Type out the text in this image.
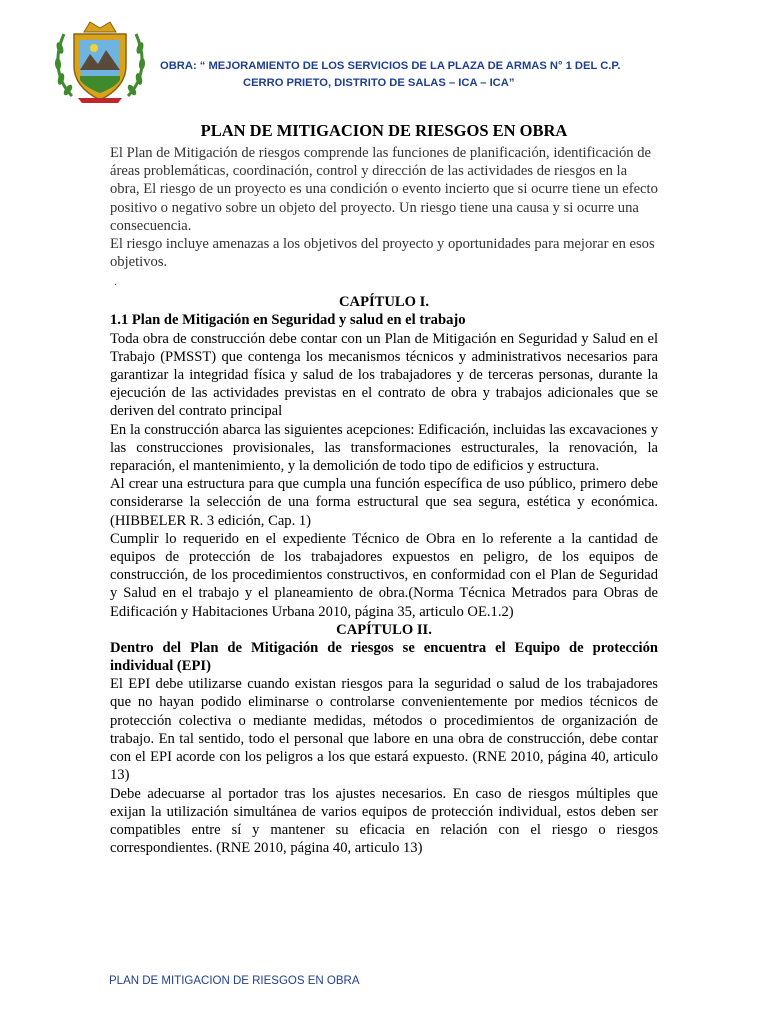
OBRA: “ MEJORAMIENTO DE LOS SERVICIOS DE LA PLAZA DE ARMAS N° 1 DEL C.P.
CERRO PRIETO, DISTRITO DE SALAS – ICA – ICA”
PLAN DE MITIGACION DE RIESGOS EN OBRA

El Plan de Mitigación de riesgos comprende las funciones de planificación, identificación de áreas problemáticas, coordinación, control y dirección de las actividades de riesgos en la obra, El riesgo de un proyecto es una condición o evento incierto que si ocurre tiene un efecto positivo o negativo sobre un objeto del proyecto. Un riesgo tiene una causa y si ocurre una consecuencia.

El riesgo incluye amenazas a los objetivos del proyecto y oportunidades para mejorar en esos objetivos.

.
CAPÍTULO I.
1.1 Plan de Mitigación en Seguridad y salud en el trabajo

Toda obra de construcción debe contar con un Plan de Mitigación en Seguridad y Salud en el Trabajo (PMSST) que contenga los mecanismos técnicos y administrativos necesarios para garantizar la integridad física y salud de los trabajadores y de terceras personas, durante la ejecución de las actividades previstas en el contrato de obra y trabajos adicionales que se deriven del contrato principal

En la construcción abarca las siguientes acepciones: Edificación, incluidas las excavaciones y las construcciones provisionales, las transformaciones estructurales, la renovación, la reparación, el mantenimiento, y la demolición de todo tipo de edificios y estructura.

Al crear una estructura para que cumpla una función específica de uso público, primero debe considerarse la selección de una forma estructural que sea segura, estética y económica.(HIBBELER R. 3 edición, Cap. 1)

Cumplir lo requerido en el expediente Técnico de Obra en lo referente a la cantidad de equipos de protección de los trabajadores expuestos en peligro, de los equipos de construcción, de los procedimientos constructivos, en conformidad con el Plan de Seguridad y Salud en el trabajo y el planeamiento de obra.(Norma Técnica Metrados para Obras de Edificación y Habitaciones Urbana 2010, página 35, articulo OE.1.2)

CAPÍTULO II.
Dentro del Plan de Mitigación de riesgos se encuentra el Equipo de protección individual (EPI)

El EPI debe utilizarse cuando existan riesgos para la seguridad o salud de los trabajadores que no hayan podido eliminarse o controlarse convenientemente por medios técnicos de protección colectiva o mediante medidas, métodos o procedimientos de organización de trabajo. En tal sentido, todo el personal que labore en una obra de construcción, debe contar con el EPI acorde con los peligros a los que estará expuesto. (RNE 2010, página 40, articulo 13)

Debe adecuarse al portador tras los ajustes necesarios. En caso de riesgos múltiples que exijan la utilización simultánea de varios equipos de protección individual, estos deben ser compatibles entre sí y mantener su eficacia en relación con el riesgo o riesgos correspondientes. (RNE 2010, página 40, articulo 13)

PLAN DE MITIGACION DE RIESGOS EN OBRA
